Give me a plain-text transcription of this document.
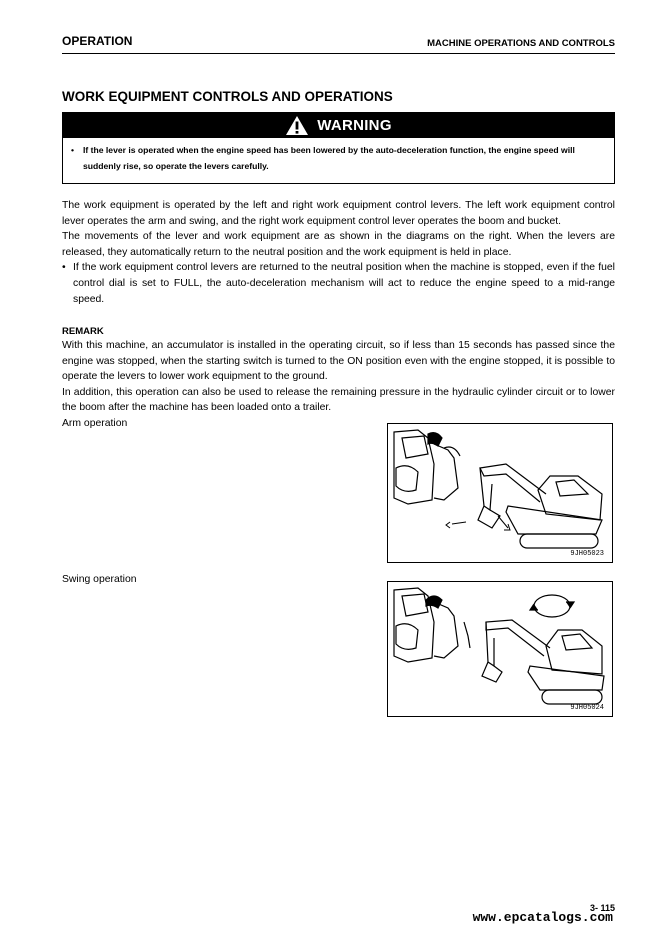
OPERATION	MACHINE OPERATIONS AND CONTROLS
WORK EQUIPMENT CONTROLS AND OPERATIONS
WARNING
•	If the lever is operated when the engine speed has been lowered by the auto-deceleration function, the engine speed will suddenly rise, so operate the levers carefully.
The work equipment is operated by the left and right work equipment control levers. The left work equipment control lever operates the arm and swing, and the right work equipment control lever operates the boom and bucket.
The movements of the lever and work equipment are as shown in the diagrams on the right. When the levers are released, they automatically return to the neutral position and the work equipment is held in place.
• If the work equipment control levers are returned to the neutral position when the machine is stopped, even if the fuel control dial is set to FULL, the auto-deceleration mechanism will act to reduce the engine speed to a mid-range speed.
REMARK
With this machine, an accumulator is installed in the operating circuit, so if less than 15 seconds has passed since the engine was stopped, when the starting switch is turned to the ON position even with the engine stopped, it is possible to operate the levers to lower work equipment to the ground.
In addition, this operation can also be used to release the remaining pressure in the hydraulic cylinder circuit or to lower the boom after the machine has been loaded onto a trailer.
Arm operation
9JH05023
Swing operation
9JH05024
3- 115
www.epcatalogs.com
